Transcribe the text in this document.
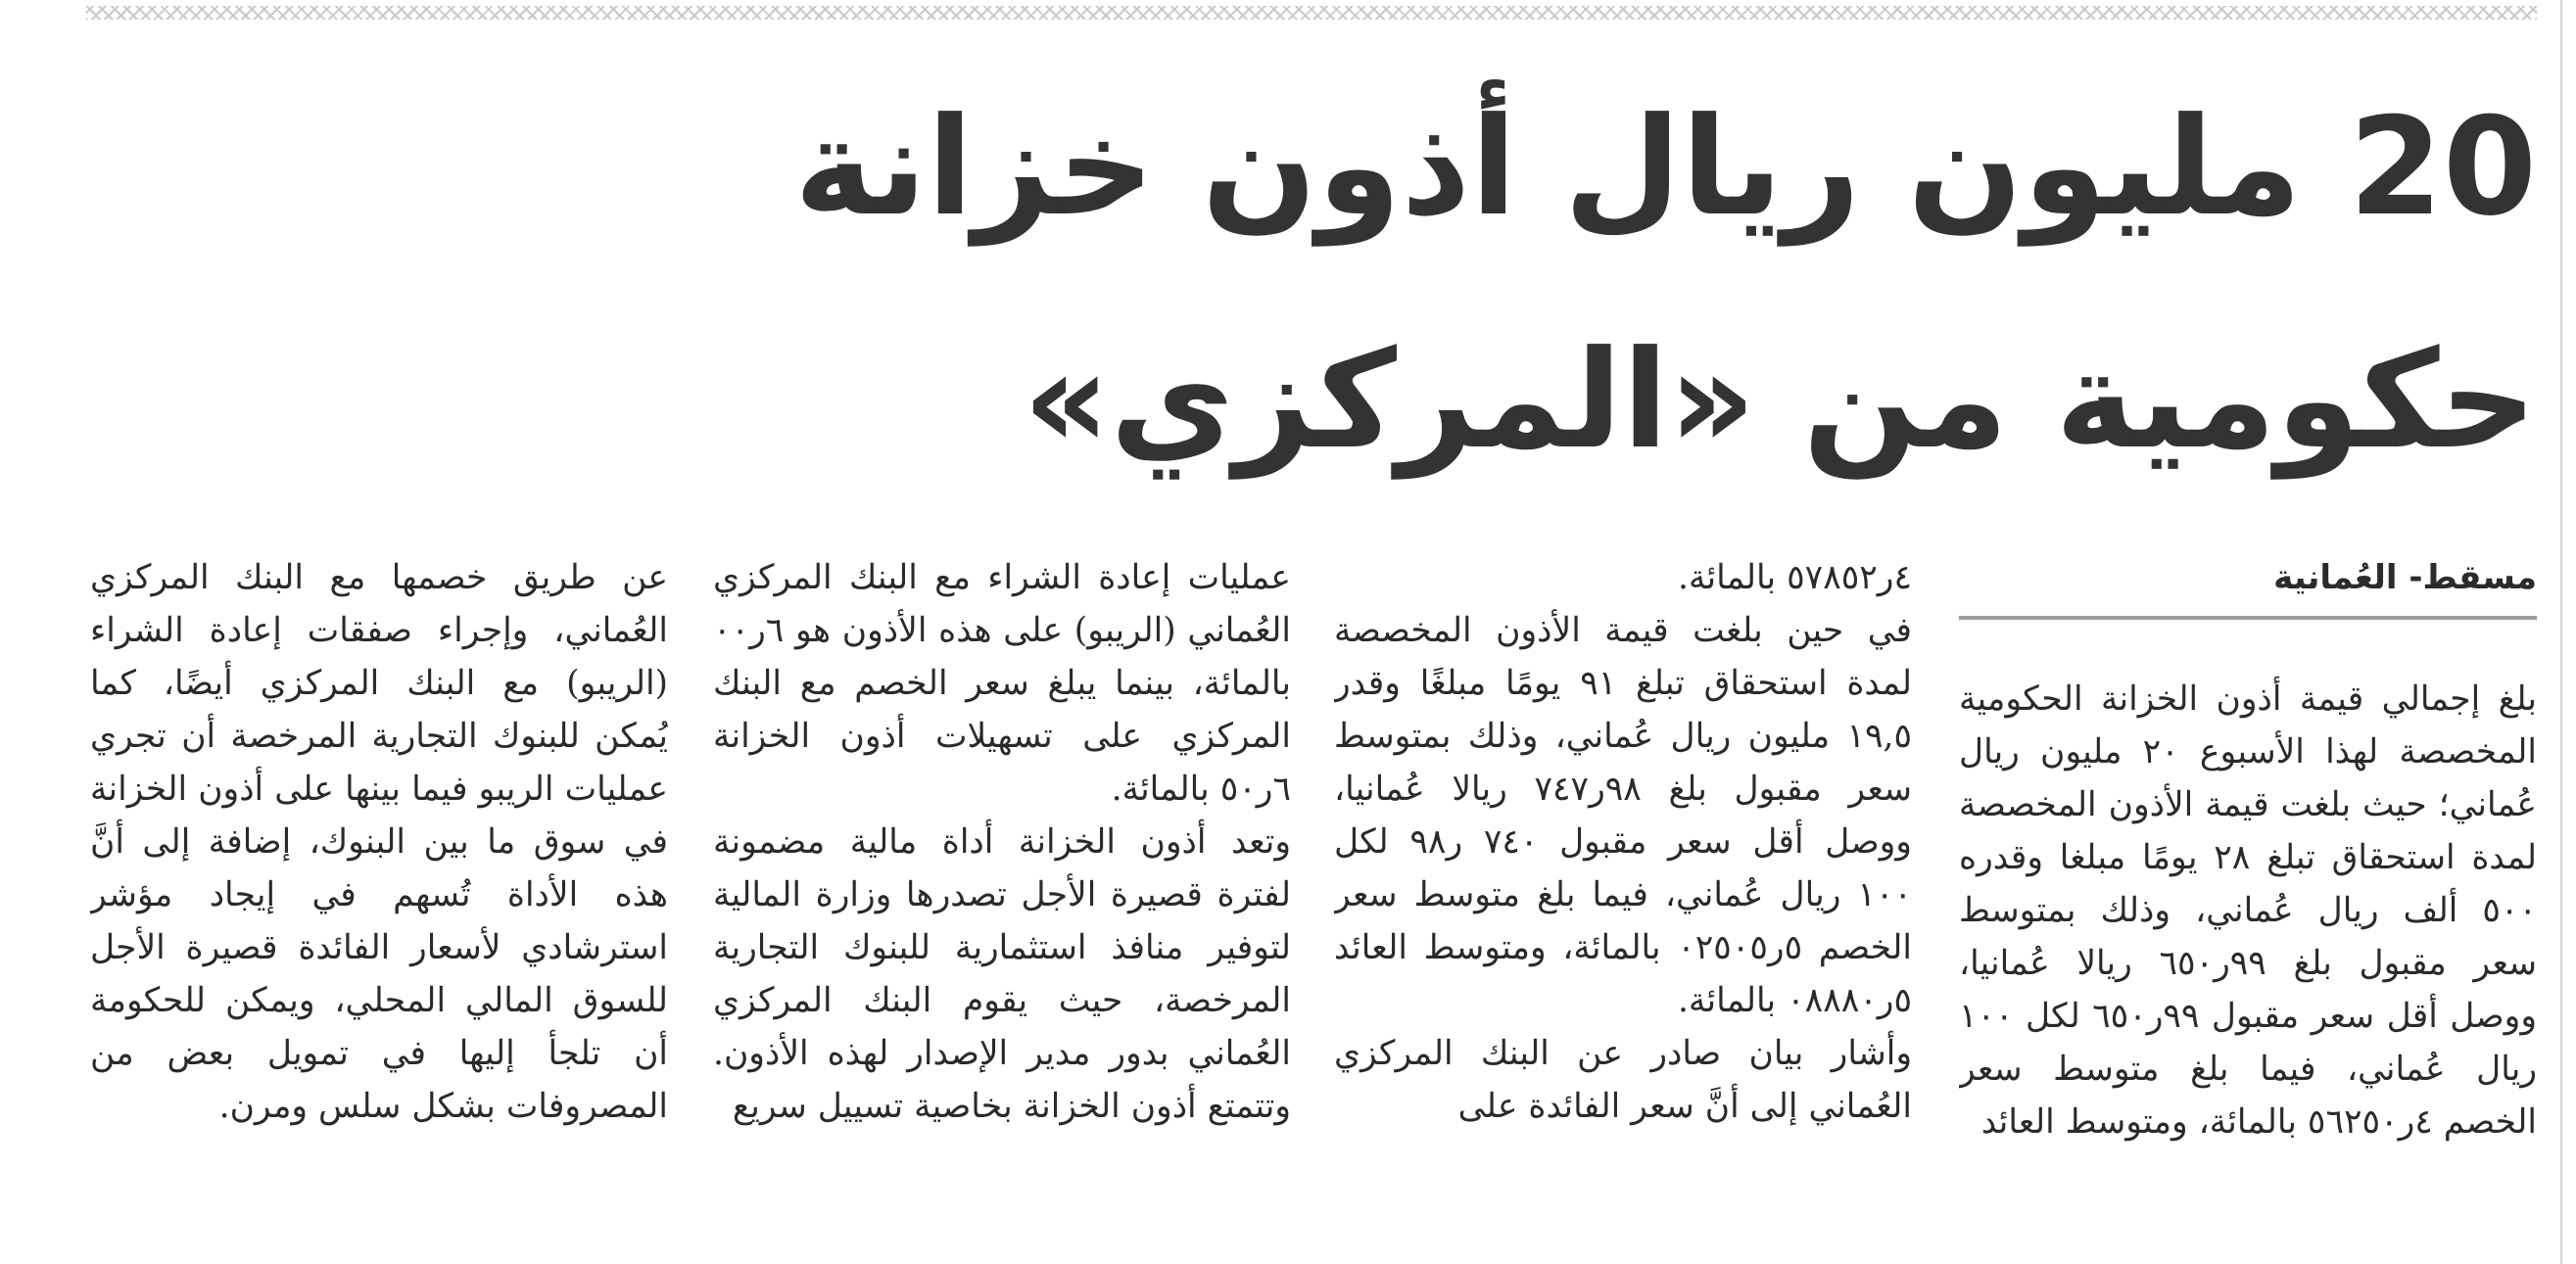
20 مليون ريال أذون خزانة
حكومية من «المركزي»
مسقط- العُمانية

بلغ إجمالي قيمة أذون الخزانة الحكومية المخصصة لهذا الأسبوع ٢٠ مليون ريال عُماني؛ حيث بلغت قيمة الأذون المخصصة لمدة استحقاق تبلغ ٢٨ يومًا مبلغا وقدره ٥٠٠ ألف ريال عُماني، وذلك بمتوسط سعر مقبول بلغ ٩٩ر٦٥٠ ريالا عُمانيا، ووصل أقل سعر مقبول ٩٩ر٦٥٠ لكل ١٠٠ ريال عُماني، فيما بلغ متوسط سعر الخصم ٤ر٥٦٢٥٠ بالمائة، ومتوسط العائد

٤ر٥٧٨٥٢ بالمائة.

في حين بلغت قيمة الأذون المخصصة لمدة استحقاق تبلغ ٩١ يومًا مبلغًا وقدر ١٩,٥ مليون ريال عُماني، وذلك بمتوسط سعر مقبول بلغ ٩٨ر٧٤٧ ريالا عُمانيا، ووصل أقل سعر مقبول ٧٤٠ ر٩٨ لكل ١٠٠ ريال عُماني، فيما بلغ متوسط سعر الخصم ٥ر٠٢٥٠٥ بالمائة، ومتوسط العائد ٥ر٠٨٨٨٠ بالمائة.

وأشار بيان صادر عن البنك المركزي العُماني إلى أنَّ سعر الفائدة على

عمليات إعادة الشراء مع البنك المركزي العُماني (الريبو) على هذه الأذون هو ٦ر٠٠ بالمائة، بينما يبلغ سعر الخصم مع البنك المركزي على تسهيلات أذون الخزانة ٦ر٥٠ بالمائة.

وتعد أذون الخزانة أداة مالية مضمونة لفترة قصيرة الأجل تصدرها وزارة المالية لتوفير منافذ استثمارية للبنوك التجارية المرخصة، حيث يقوم البنك المركزي العُماني بدور مدير الإصدار لهذه الأذون. وتتمتع أذون الخزانة بخاصية تسييل سريع

عن طريق خصمها مع البنك المركزي العُماني، وإجراء صفقات إعادة الشراء (الريبو) مع البنك المركزي أيضًا، كما يُمكن للبنوك التجارية المرخصة أن تجري عمليات الريبو فيما بينها على أذون الخزانة في سوق ما بين البنوك، إضافة إلى أنَّ هذه الأداة تُسهم في إيجاد مؤشر استرشادي لأسعار الفائدة قصيرة الأجل للسوق المالي المحلي، ويمكن للحكومة أن تلجأ إليها في تمويل بعض من المصروفات بشكل سلس ومرن.
